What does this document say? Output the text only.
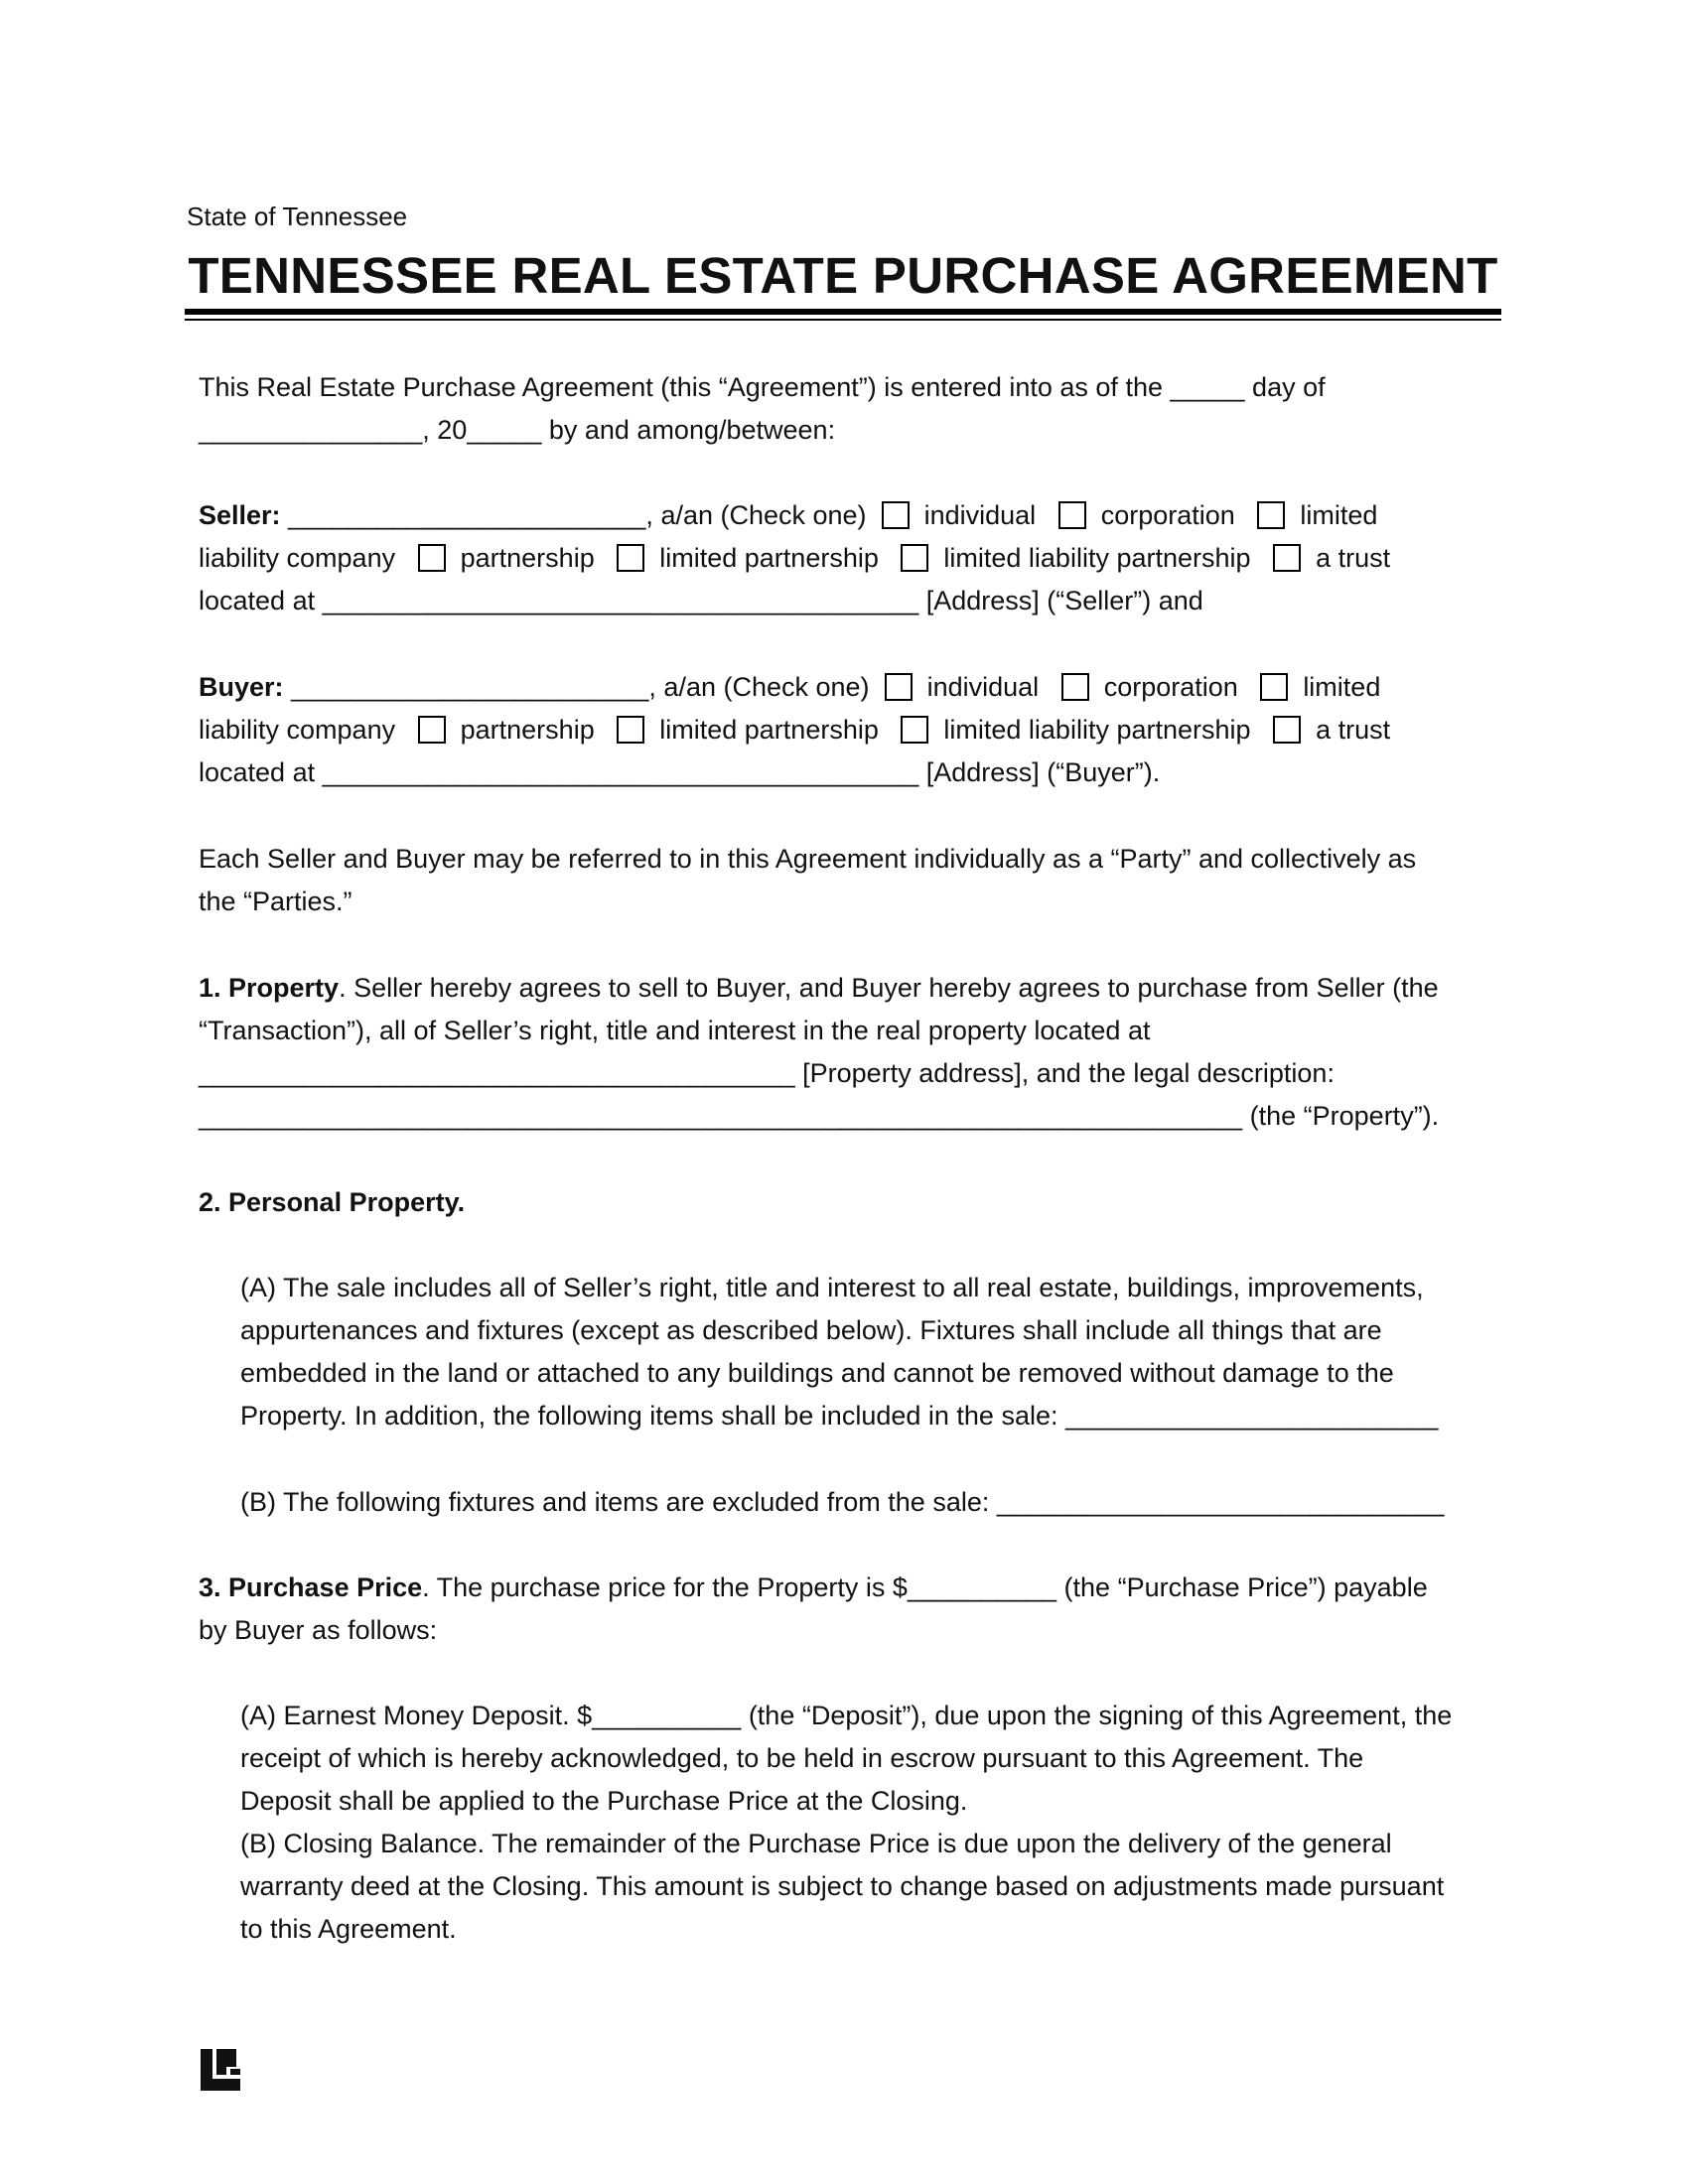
State of Tennessee
TENNESSEE REAL ESTATE PURCHASE AGREEMENT
This Real Estate Purchase Agreement (this “Agreement”) is entered into as of the _____ day of
_______________, 20_____ by and among/between:
Seller: ________________________, a/an (Check one) individual corporation limited
liability company partnership limited partnership limited liability partnership a trust
located at ________________________________________ [Address] (“Seller”) and
Buyer: ________________________, a/an (Check one) individual corporation limited
liability company partnership limited partnership limited liability partnership a trust
located at ________________________________________ [Address] (“Buyer”).
Each Seller and Buyer may be referred to in this Agreement individually as a “Party” and collectively as
the “Parties.”
1. Property. Seller hereby agrees to sell to Buyer, and Buyer hereby agrees to purchase from Seller (the
“Transaction”), all of Seller’s right, title and interest in the real property located at
________________________________________ [Property address], and the legal description:
______________________________________________________________________ (the “Property”).
2. Personal Property.
(A) The sale includes all of Seller’s right, title and interest to all real estate, buildings, improvements,
appurtenances and fixtures (except as described below). Fixtures shall include all things that are
embedded in the land or attached to any buildings and cannot be removed without damage to the
Property. In addition, the following items shall be included in the sale: _________________________
(B) The following fixtures and items are excluded from the sale: ______________________________
3. Purchase Price. The purchase price for the Property is $__________ (the “Purchase Price”) payable
by Buyer as follows:
(A) Earnest Money Deposit. $__________ (the “Deposit”), due upon the signing of this Agreement, the
receipt of which is hereby acknowledged, to be held in escrow pursuant to this Agreement. The
Deposit shall be applied to the Purchase Price at the Closing.
(B) Closing Balance. The remainder of the Purchase Price is due upon the delivery of the general
warranty deed at the Closing. This amount is subject to change based on adjustments made pursuant
to this Agreement.
